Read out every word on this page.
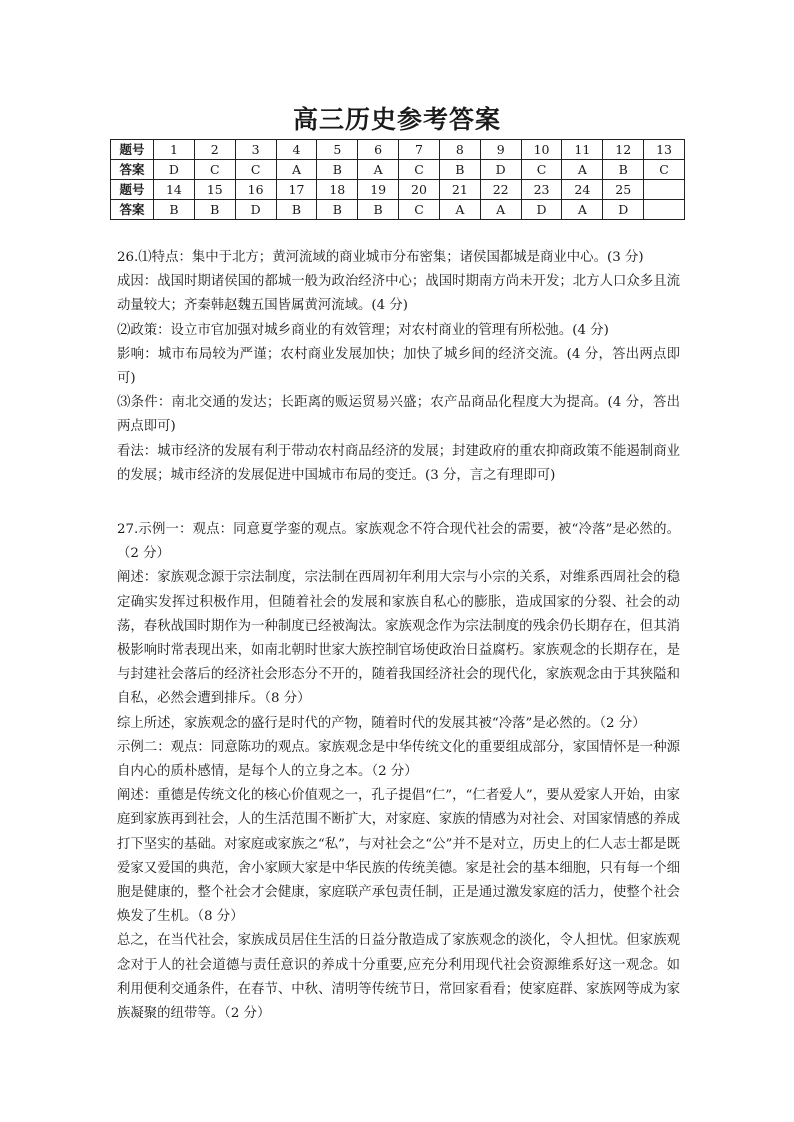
高三历史参考答案
题号	1	2	3	4	5	6	7	8	9	10	11	12	13
答案	D	C	C	A	B	A	C	B	D	C	A	B	C
题号	14	15	16	17	18	19	20	21	22	23	24	25	
答案	B	B	D	B	B	B	C	A	A	D	A	D	

26.⑴特点：集中于北方；黄河流域的商业城市分布密集；诸侯国都城是商业中心。(3 分)

成因：战国时期诸侯国的都城一般为政治经济中心；战国时期南方尚未开发；北方人口众多且流动量较大；齐秦韩赵魏五国皆属黄河流域。(4 分)

⑵政策：设立市官加强对城乡商业的有效管理；对农村商业的管理有所松弛。(4 分)

影响：城市布局较为严谨；农村商业发展加快；加快了城乡间的经济交流。(4 分，答出两点即可)

⑶条件：南北交通的发达；长距离的贩运贸易兴盛；农产品商品化程度大为提高。(4 分，答出两点即可)

看法：城市经济的发展有利于带动农村商品经济的发展；封建政府的重农抑商政策不能遏制商业的发展；城市经济的发展促进中国城市布局的变迁。(3 分，言之有理即可)

27.示例一：观点：同意夏学銮的观点。家族观念不符合现代社会的需要，被“冷落”是必然的。（2 分）

阐述：家族观念源于宗法制度，宗法制在西周初年利用大宗与小宗的关系，对维系西周社会的稳定确实发挥过积极作用，但随着社会的发展和家族自私心的膨胀，造成国家的分裂、社会的动荡，春秋战国时期作为一种制度已经被淘汰。家族观念作为宗法制度的残余仍长期存在，但其消极影响时常表现出来，如南北朝时世家大族控制官场使政治日益腐朽。家族观念的长期存在，是与封建社会落后的经济社会形态分不开的，随着我国经济社会的现代化，家族观念由于其狭隘和自私，必然会遭到排斥。（8 分）

综上所述，家族观念的盛行是时代的产物，随着时代的发展其被“冷落”是必然的。（2 分）

示例二：观点：同意陈功的观点。家族观念是中华传统文化的重要组成部分，家国情怀是一种源自内心的质朴感情，是每个人的立身之本。（2 分）

阐述：重德是传统文化的核心价值观之一，孔子提倡“仁”，“仁者爱人”，要从爱家人开始，由家庭到家族再到社会，人的生活范围不断扩大，对家庭、家族的情感为对社会、对国家情感的养成打下坚实的基础。对家庭或家族之“私”，与对社会之“公”并不是对立，历史上的仁人志士都是既爱家又爱国的典范，舍小家顾大家是中华民族的传统美德。家是社会的基本细胞，只有每一个细胞是健康的，整个社会才会健康，家庭联产承包责任制，正是通过激发家庭的活力，使整个社会焕发了生机。（8 分）

总之，在当代社会，家族成员居住生活的日益分散造成了家族观念的淡化，令人担忧。但家族观念对于人的社会道德与责任意识的养成十分重要,应充分利用现代社会资源维系好这一观念。如利用便利交通条件，在春节、中秋、清明等传统节日，常回家看看；使家庭群、家族网等成为家族凝聚的纽带等。（2 分）
